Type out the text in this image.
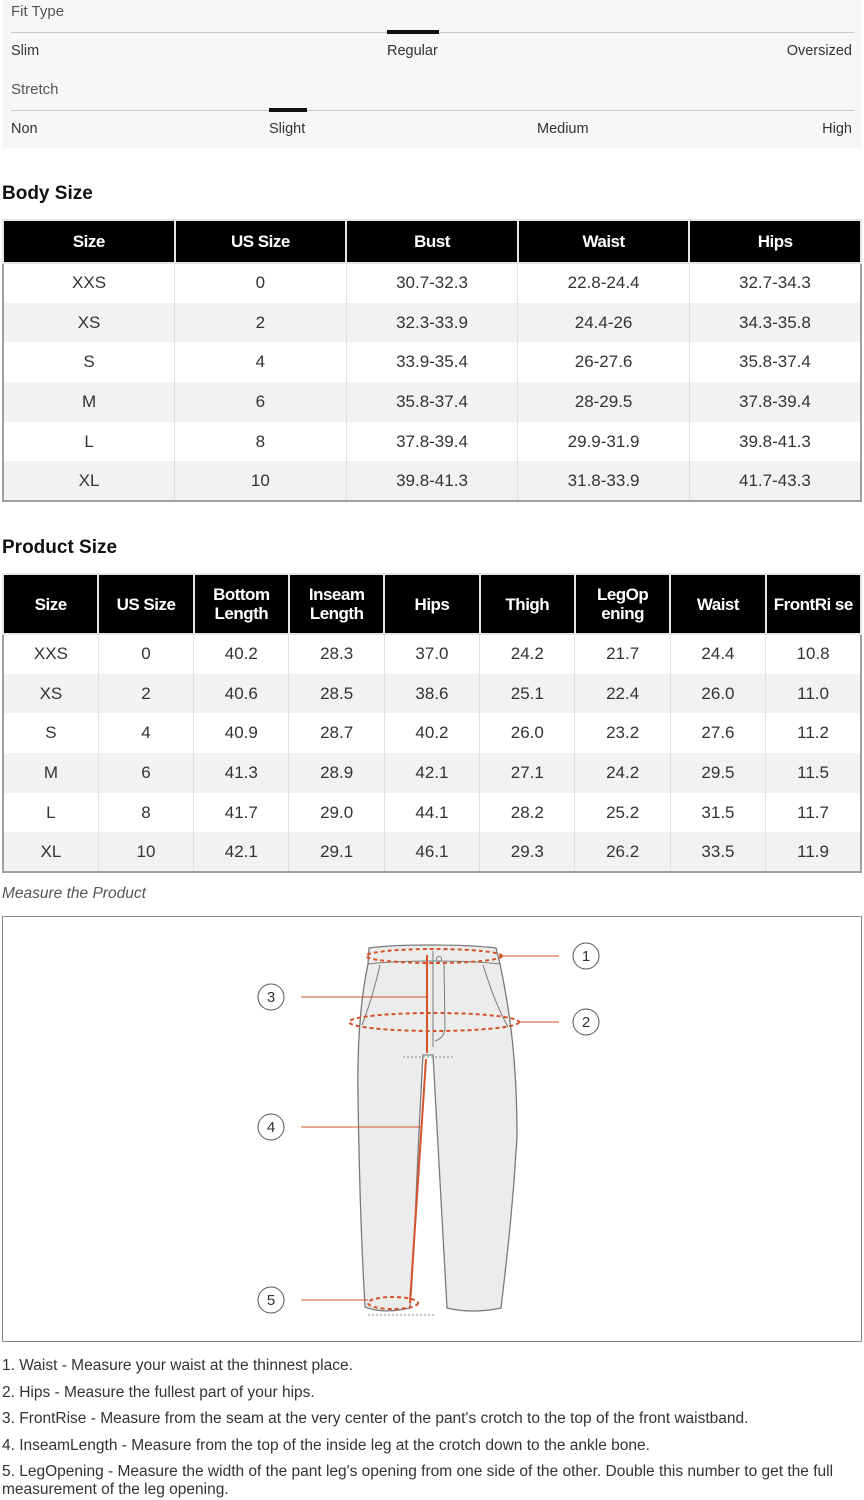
Fit Type
Slim	Regular	Oversized
Stretch
Non	Slight	Medium	High
Body Size
Size	US Size	Bust	Waist	Hips
XXS	0	30.7-32.3	22.8-24.4	32.7-34.3
XS	2	32.3-33.9	24.4-26	34.3-35.8
S	4	33.9-35.4	26-27.6	35.8-37.4
M	6	35.8-37.4	28-29.5	37.8-39.4
L	8	37.8-39.4	29.9-31.9	39.8-41.3
XL	10	39.8-41.3	31.8-33.9	41.7-43.3
Product Size
Size	US Size	Bottom Length	Inseam Length	Hips	Thigh	LegOp ening	Waist	FrontRi se
XXS	0	40.2	28.3	37.0	24.2	21.7	24.4	10.8
XS	2	40.6	28.5	38.6	25.1	22.4	26.0	11.0
S	4	40.9	28.7	40.2	26.0	23.2	27.6	11.2
M	6	41.3	28.9	42.1	27.1	24.2	29.5	11.5
L	8	41.7	29.0	44.1	28.2	25.2	31.5	11.7
XL	10	42.1	29.1	46.1	29.3	26.2	33.5	11.9
Measure the Product
1
2
3
4
5

1. Waist - Measure your waist at the thinnest place.

2. Hips - Measure the fullest part of your hips.

3. FrontRise - Measure from the seam at the very center of the pant's crotch to the top of the front waistband.

4. InseamLength - Measure from the top of the inside leg at the crotch down to the ankle bone.

5. LegOpening - Measure the width of the pant leg's opening from one side of the other. Double this number to get the full measurement of the leg opening.
